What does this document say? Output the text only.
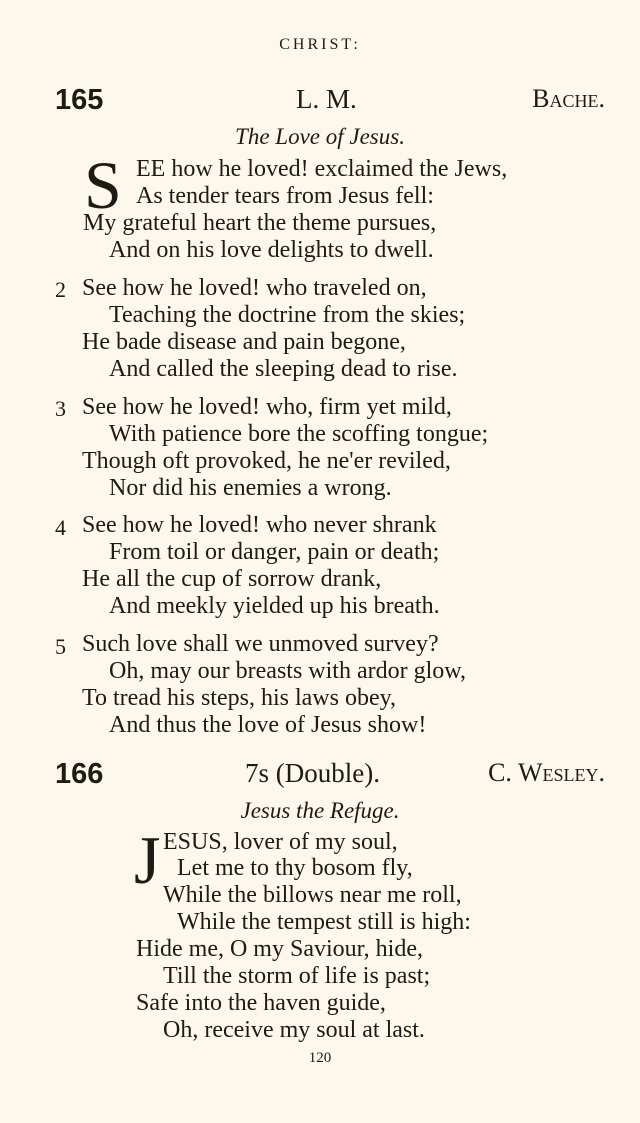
CHRIST:
165	L. M.	Bache.
The Love of Jesus.
S EE how he loved! exclaimed the Jews,
As tender tears from Jesus fell:
My grateful heart the theme pursues,
And on his love delights to dwell.
2 See how he loved! who traveled on,
Teaching the doctrine from the skies;
He bade disease and pain begone,
And called the sleeping dead to rise.
3 See how he loved! who, firm yet mild,
With patience bore the scoffing tongue;
Though oft provoked, he ne'er reviled,
Nor did his enemies a wrong.
4 See how he loved! who never shrank
From toil or danger, pain or death;
He all the cup of sorrow drank,
And meekly yielded up his breath.
5 Such love shall we unmoved survey?
Oh, may our breasts with ardor glow,
To tread his steps, his laws obey,
And thus the love of Jesus show!
166	7s (Double).	C. Wesley.
Jesus the Refuge.
J ESUS, lover of my soul,
Let me to thy bosom fly,
While the billows near me roll,
While the tempest still is high:
Hide me, O my Saviour, hide,
Till the storm of life is past;
Safe into the haven guide,
Oh, receive my soul at last.
120
